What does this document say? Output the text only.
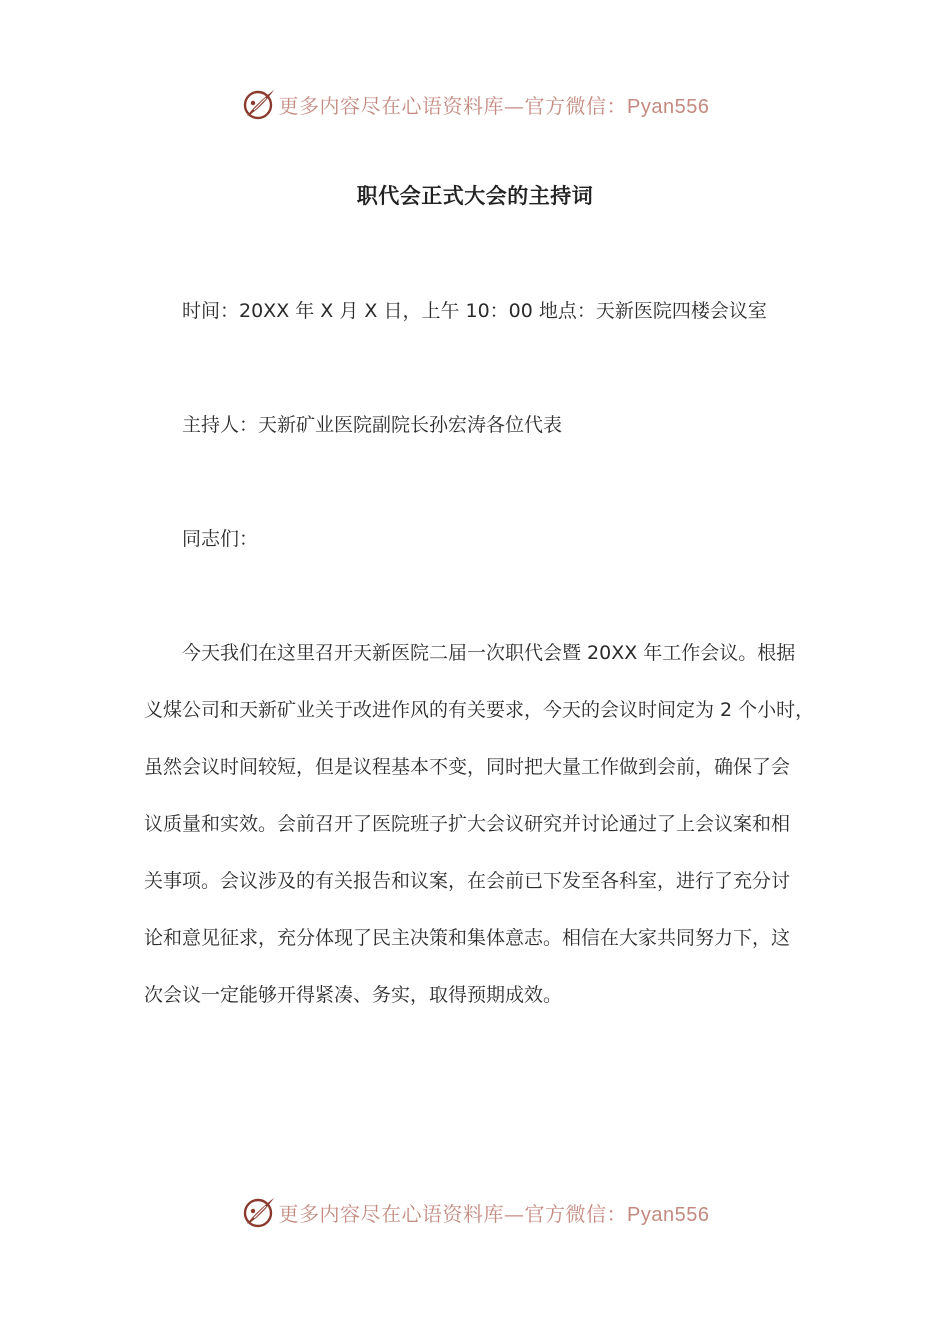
更多内容尽在心语资料库—官方微信：Pyan556
职代会正式大会的主持词
时间：20XX 年 X 月 X 日，上午 10：00 地点：天新医院四楼会议室
主持人：天新矿业医院副院长孙宏涛各位代表
同志们：
今天我们在这里召开天新医院二届一次职代会暨 20XX 年工作会议。根据
义煤公司和天新矿业关于改进作风的有关要求，今天的会议时间定为 2 个小时，
虽然会议时间较短，但是议程基本不变，同时把大量工作做到会前，确保了会
议质量和实效。会前召开了医院班子扩大会议研究并讨论通过了上会议案和相
关事项。会议涉及的有关报告和议案，在会前已下发至各科室，进行了充分讨
论和意见征求，充分体现了民主决策和集体意志。相信在大家共同努力下，这
次会议一定能够开得紧凑、务实，取得预期成效。
更多内容尽在心语资料库—官方微信：Pyan556
